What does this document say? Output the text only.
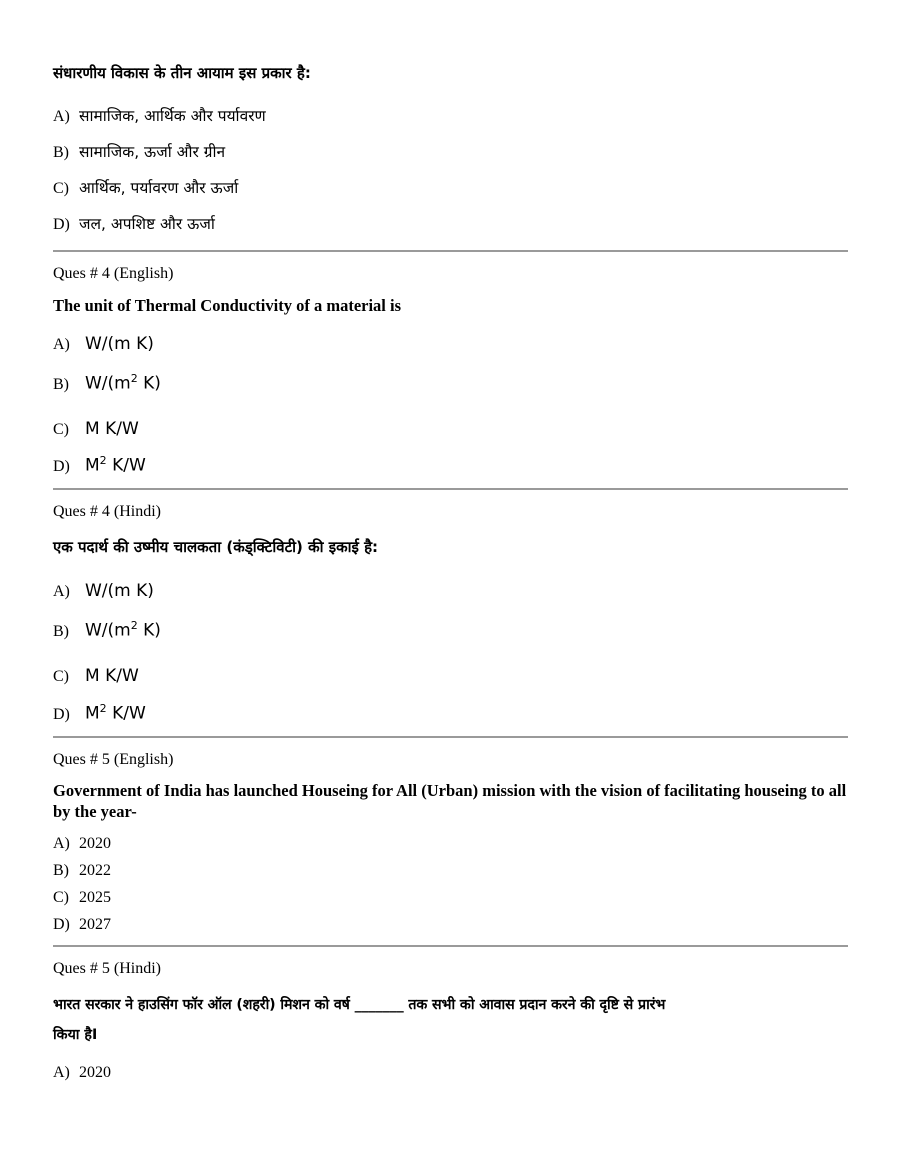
संधारणीय विकास के तीन आयाम इस प्रकार है:
A) सामाजिक, आर्थिक और पर्यावरण
B) सामाजिक, ऊर्जा और ग्रीन
C) आर्थिक, पर्यावरण और ऊर्जा
D) जल, अपशिष्ट और ऊर्जा
Ques # 4 (English)
The unit of Thermal Conductivity of a material is
A) W/(m K)
B) $W/(m^2$ K)
C) M K/W
D) $M^2$ K/W
Ques # 4 (Hindi)
एक पदार्थ की उष्मीय चालकता (कंड्क्टिविटी) की इकाई है:
A) W/(m K)
B) $W/(m^2$ K)
C) M K/W
D) $M^2$ K/W
Ques # 5 (English)
Government of India has launched Houseing for All (Urban) mission with the vision of facilitating houseing to all by the year-
A) 2020
B) 2022
C) 2025
D) 2027
Ques # 5 (Hindi)
भारत सरकार ने हाउसिंग फॉर ऑल (शहरी) मिशन को वर्ष _______ तक सभी को आवास प्रदान करने की दृष्टि से प्रारंभ
किया हैI
A) 2020
